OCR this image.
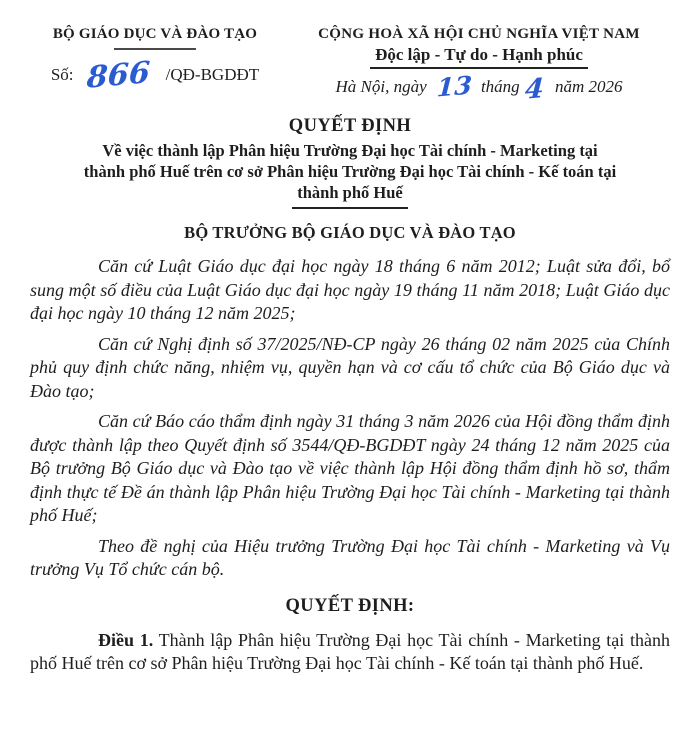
BỘ GIÁO DỤC VÀ ĐÀO TẠO
Số: 866 /QĐ-BGDĐT
CỘNG HOÀ XÃ HỘI CHỦ NGHĨA VIỆT NAM
Độc lập - Tự do - Hạnh phúc
Hà Nội, ngày 13 tháng 4 năm 2026
QUYẾT ĐỊNH
Về việc thành lập Phân hiệu Trường Đại học Tài chính - Marketing tại
thành phố Huế trên cơ sở Phân hiệu Trường Đại học Tài chính - Kế toán tại
thành phố Huế
BỘ TRƯỞNG BỘ GIÁO DỤC VÀ ĐÀO TẠO

Căn cứ Luật Giáo dục đại học ngày 18 tháng 6 năm 2012; Luật sửa đổi, bổ sung một số điều của Luật Giáo dục đại học ngày 19 tháng 11 năm 2018; Luật Giáo dục đại học ngày 10 tháng 12 năm 2025;

Căn cứ Nghị định số 37/2025/NĐ-CP ngày 26 tháng 02 năm 2025 của Chính phủ quy định chức năng, nhiệm vụ, quyền hạn và cơ cấu tổ chức của Bộ Giáo dục và Đào tạo;

Căn cứ Báo cáo thẩm định ngày 31 tháng 3 năm 2026 của Hội đồng thẩm định được thành lập theo Quyết định số 3544/QĐ-BGDĐT ngày 24 tháng 12 năm 2025 của Bộ trưởng Bộ Giáo dục và Đào tạo về việc thành lập Hội đồng thẩm định hồ sơ, thẩm định thực tế Đề án thành lập Phân hiệu Trường Đại học Tài chính - Marketing tại thành phố Huế;

Theo đề nghị của Hiệu trưởng Trường Đại học Tài chính - Marketing và Vụ trưởng Vụ Tổ chức cán bộ.

QUYẾT ĐỊNH:

Điều 1. Thành lập Phân hiệu Trường Đại học Tài chính - Marketing tại thành phố Huế trên cơ sở Phân hiệu Trường Đại học Tài chính - Kế toán tại thành phố Huế.
